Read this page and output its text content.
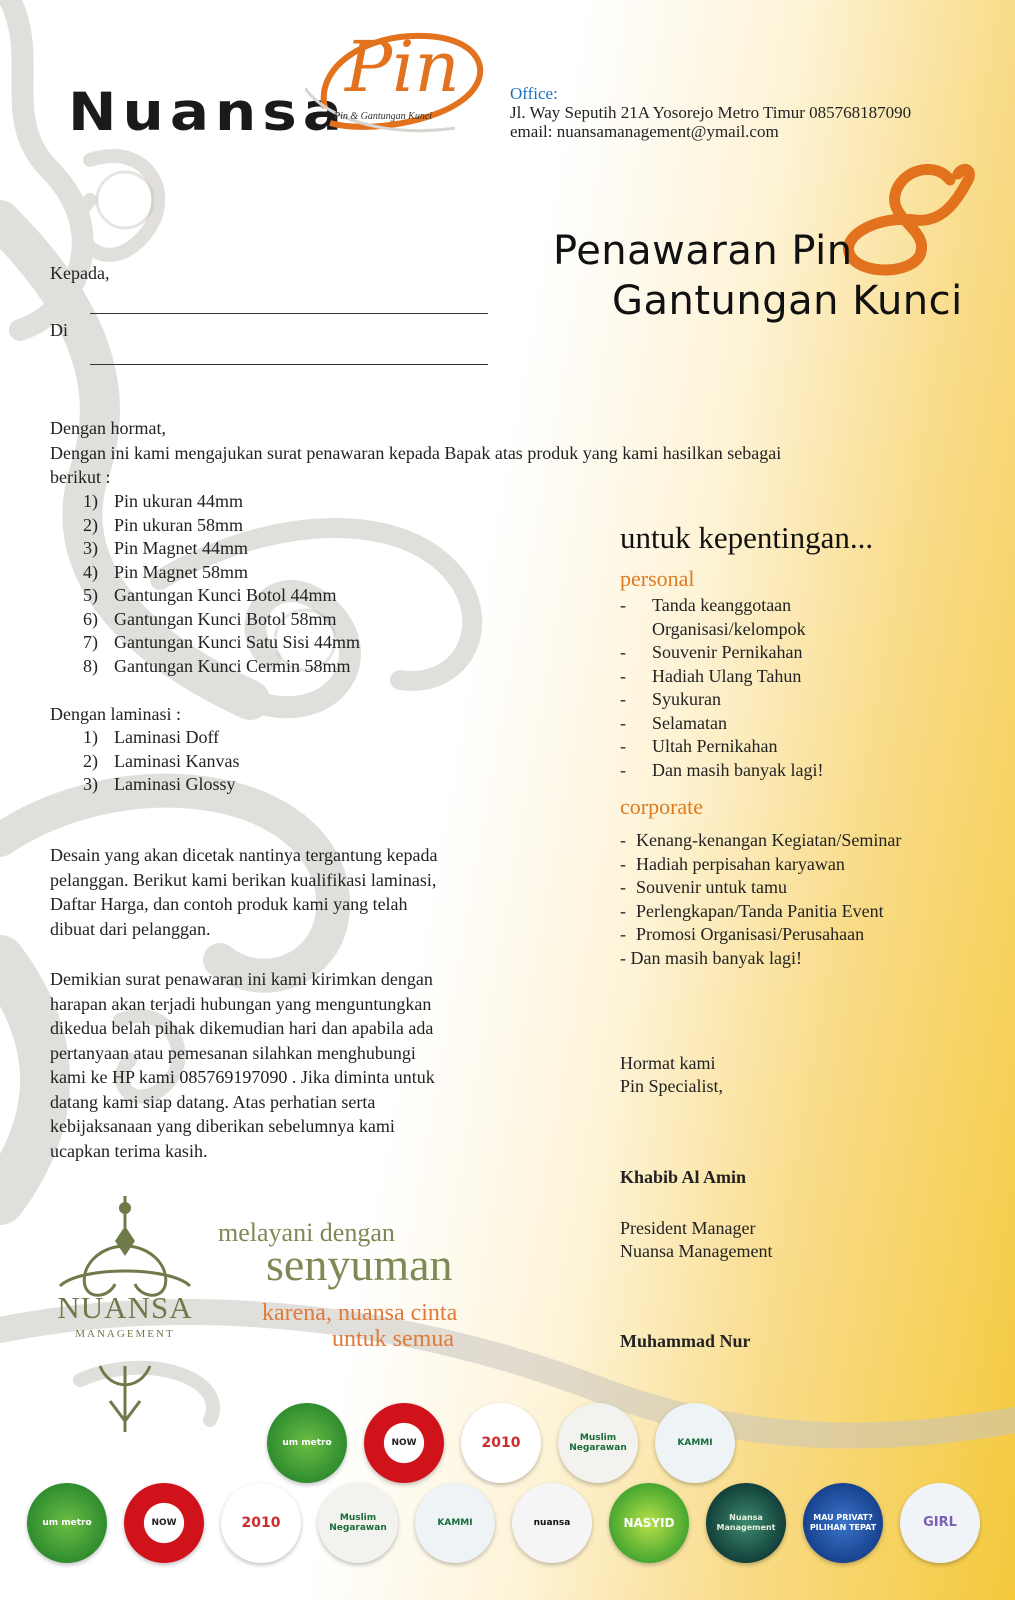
Nuansa
Pin
Pin & Gantungan Kunci
Office:
Jl. Way Seputih 21A Yosorejo Metro Timur 085768187090
email: nuansamanagement@ymail.com
Penawaran Pin
Gantungan Kunci
Kepada,
Di
Dengan hormat,
Dengan ini kami mengajukan surat penawaran kepada Bapak atas produk yang kami hasilkan sebagai
berikut :
1) Pin ukuran 44mm
2) Pin ukuran 58mm
3) Pin Magnet 44mm
4) Pin Magnet 58mm
5) Gantungan Kunci Botol 44mm
6) Gantungan Kunci Botol 58mm
7) Gantungan Kunci Satu Sisi 44mm
8) Gantungan Kunci Cermin 58mm
Dengan laminasi :
1) Laminasi Doff
2) Laminasi Kanvas
3) Laminasi Glossy
Desain yang akan dicetak nantinya tergantung kepada
pelanggan. Berikut kami berikan kualifikasi laminasi,
Daftar Harga, dan contoh produk kami yang telah
dibuat dari pelanggan.
Demikian surat penawaran ini kami kirimkan dengan
harapan akan terjadi hubungan yang menguntungkan
dikedua belah pihak dikemudian hari dan apabila ada
pertanyaan atau pemesanan silahkan menghubungi
kami ke HP kami 085769197090 . Jika diminta untuk
datang kami siap datang. Atas perhatian serta
kebijaksanaan yang diberikan sebelumnya kami
ucapkan terima kasih.
untuk kepentingan...
personal
-	Tanda keanggotaan
Organisasi/kelompok
-	Souvenir Pernikahan
-	Hadiah Ulang Tahun
-	Syukuran
-	Selamatan
-	Ultah Pernikahan
-	Dan masih banyak lagi!
corporate
- Kenang-kenangan Kegiatan/Seminar
- Hadiah perpisahan karyawan
- Souvenir untuk tamu
- Perlengkapan/Tanda Panitia Event
- Promosi Organisasi/Perusahaan
- Dan masih banyak lagi!
Hormat kami
Pin Specialist,
Khabib Al Amin
President Manager
Nuansa Management
Muhammad Nur
NUANSA
MANAGEMENT
melayani dengan
senyuman
karena, nuansa cinta
untuk semua
um metro	NOW	2010	Muslim Negarawan	KAMMI
um metro	NOW	2010	Muslim Negarawan	KAMMI	nuansa	NASYID	Nuansa Management
MAU PRIVAT? PILIHAN TEPAT	GIRL
